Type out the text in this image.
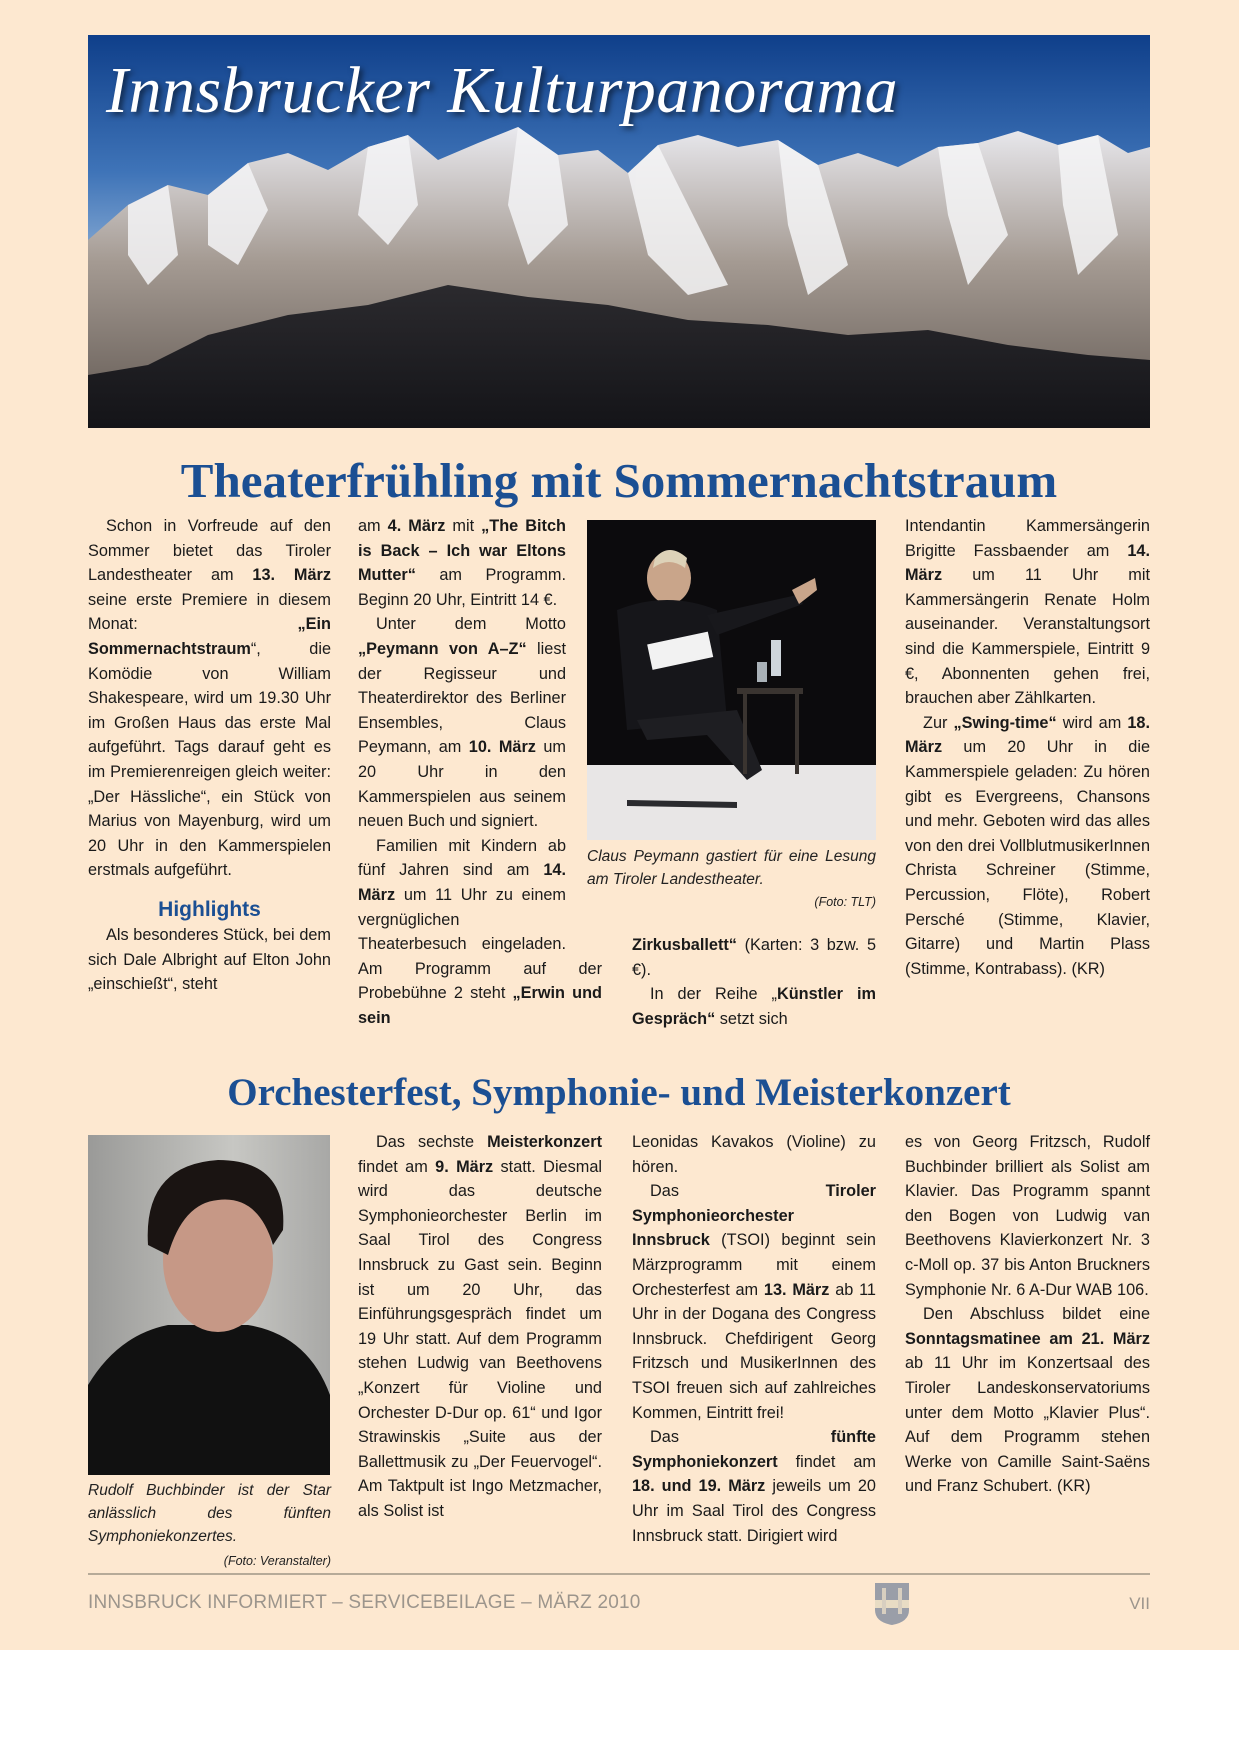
Innsbrucker Kulturpanorama
Theaterfrühling mit Sommernachtstraum

Schon in Vorfreude auf den Sommer bietet das Tiroler Landestheater am 13. März seine erste Premiere in diesem Monat: „Ein Sommernachtstraum“, die Komödie von William Shakespeare, wird um 19.30 Uhr im Großen Haus das erste Mal aufgeführt. Tags darauf geht es im Premierenreigen gleich weiter: „Der Hässliche“, ein Stück von Marius von Mayenburg, wird um 20 Uhr in den Kammerspielen erstmals aufgeführt.

Highlights

Als besonderes Stück, bei dem sich Dale Albright auf Elton John „einschießt“, steht

am 4. März mit „The Bitch is Back – Ich war Eltons Mutter“ am Programm. Beginn 20 Uhr, Eintritt 14 €.

Unter dem Motto „Peymann von A–Z“ liest der Regisseur und Theaterdirektor des Berliner Ensembles, Claus Peymann, am 10. März um 20 Uhr in den Kammerspielen aus seinem neuen Buch und signiert.

Familien mit Kindern ab fünf Jahren sind am 14. März um 11 Uhr zu einem vergnüglichen Theaterbesuch eingeladen. Am Programm auf der Probebühne 2 steht „Erwin und sein

Claus Peymann gastiert für eine Lesung am Tiroler Landestheater.
(Foto: TLT)

Zirkusballett“ (Karten: 3 bzw. 5 €).

In der Reihe „Künstler im Gespräch“ setzt sich

Intendantin Kammersängerin Brigitte Fassbaender am 14. März um 11 Uhr mit Kammersängerin Renate Holm auseinander. Veranstaltungsort sind die Kammerspiele, Eintritt 9 €, Abonnenten gehen frei, brauchen aber Zählkarten.

Zur „Swing-time“ wird am 18. März um 20 Uhr in die Kammerspiele geladen: Zu hören gibt es Evergreens, Chansons und mehr. Geboten wird das alles von den drei VollblutmusikerInnen Christa Schreiner (Stimme, Percussion, Flöte), Robert Persché (Stimme, Klavier, Gitarre) und Martin Plass (Stimme, Kontrabass). (KR)

Orchesterfest, Symphonie- und Meisterkonzert
Rudolf Buchbinder ist der Star anlässlich des fünften Symphoniekonzertes.
(Foto: Veranstalter)

Das sechste Meisterkonzert findet am 9. März statt. Diesmal wird das deutsche Symphonieorchester Berlin im Saal Tirol des Congress Innsbruck zu Gast sein. Beginn ist um 20 Uhr, das Einführungsgespräch findet um 19 Uhr statt. Auf dem Programm stehen Ludwig van Beethovens „Konzert für Violine und Orchester D-Dur op. 61“ und Igor Strawinskis „Suite aus der Ballettmusik zu „Der Feuervogel“. Am Taktpult ist Ingo Metzmacher, als Solist ist

Leonidas Kavakos (Violine) zu hören.

Das Tiroler Symphonieorchester Innsbruck (TSOI) beginnt sein Märzprogramm mit einem Orchesterfest am 13. März ab 11 Uhr in der Dogana des Congress Innsbruck. Chefdirigent Georg Fritzsch und MusikerInnen des TSOI freuen sich auf zahlreiches Kommen, Eintritt frei!

Das fünfte Symphoniekonzert findet am 18. und 19. März jeweils um 20 Uhr im Saal Tirol des Congress Innsbruck statt. Dirigiert wird

es von Georg Fritzsch, Rudolf Buchbinder brilliert als Solist am Klavier. Das Programm spannt den Bogen von Ludwig van Beethovens Klavierkonzert Nr. 3 c-Moll op. 37 bis Anton Bruckners Symphonie Nr. 6 A-Dur WAB 106.

Den Abschluss bildet eine Sonntagsmatinee am 21. März ab 11 Uhr im Konzertsaal des Tiroler Landeskonservatoriums unter dem Motto „Klavier Plus“. Auf dem Programm stehen Werke von Camille Saint-Saëns und Franz Schubert. (KR)

INNSBRUCK INFORMIERT – SERVICEBEILAGE – MÄRZ 2010	VII
